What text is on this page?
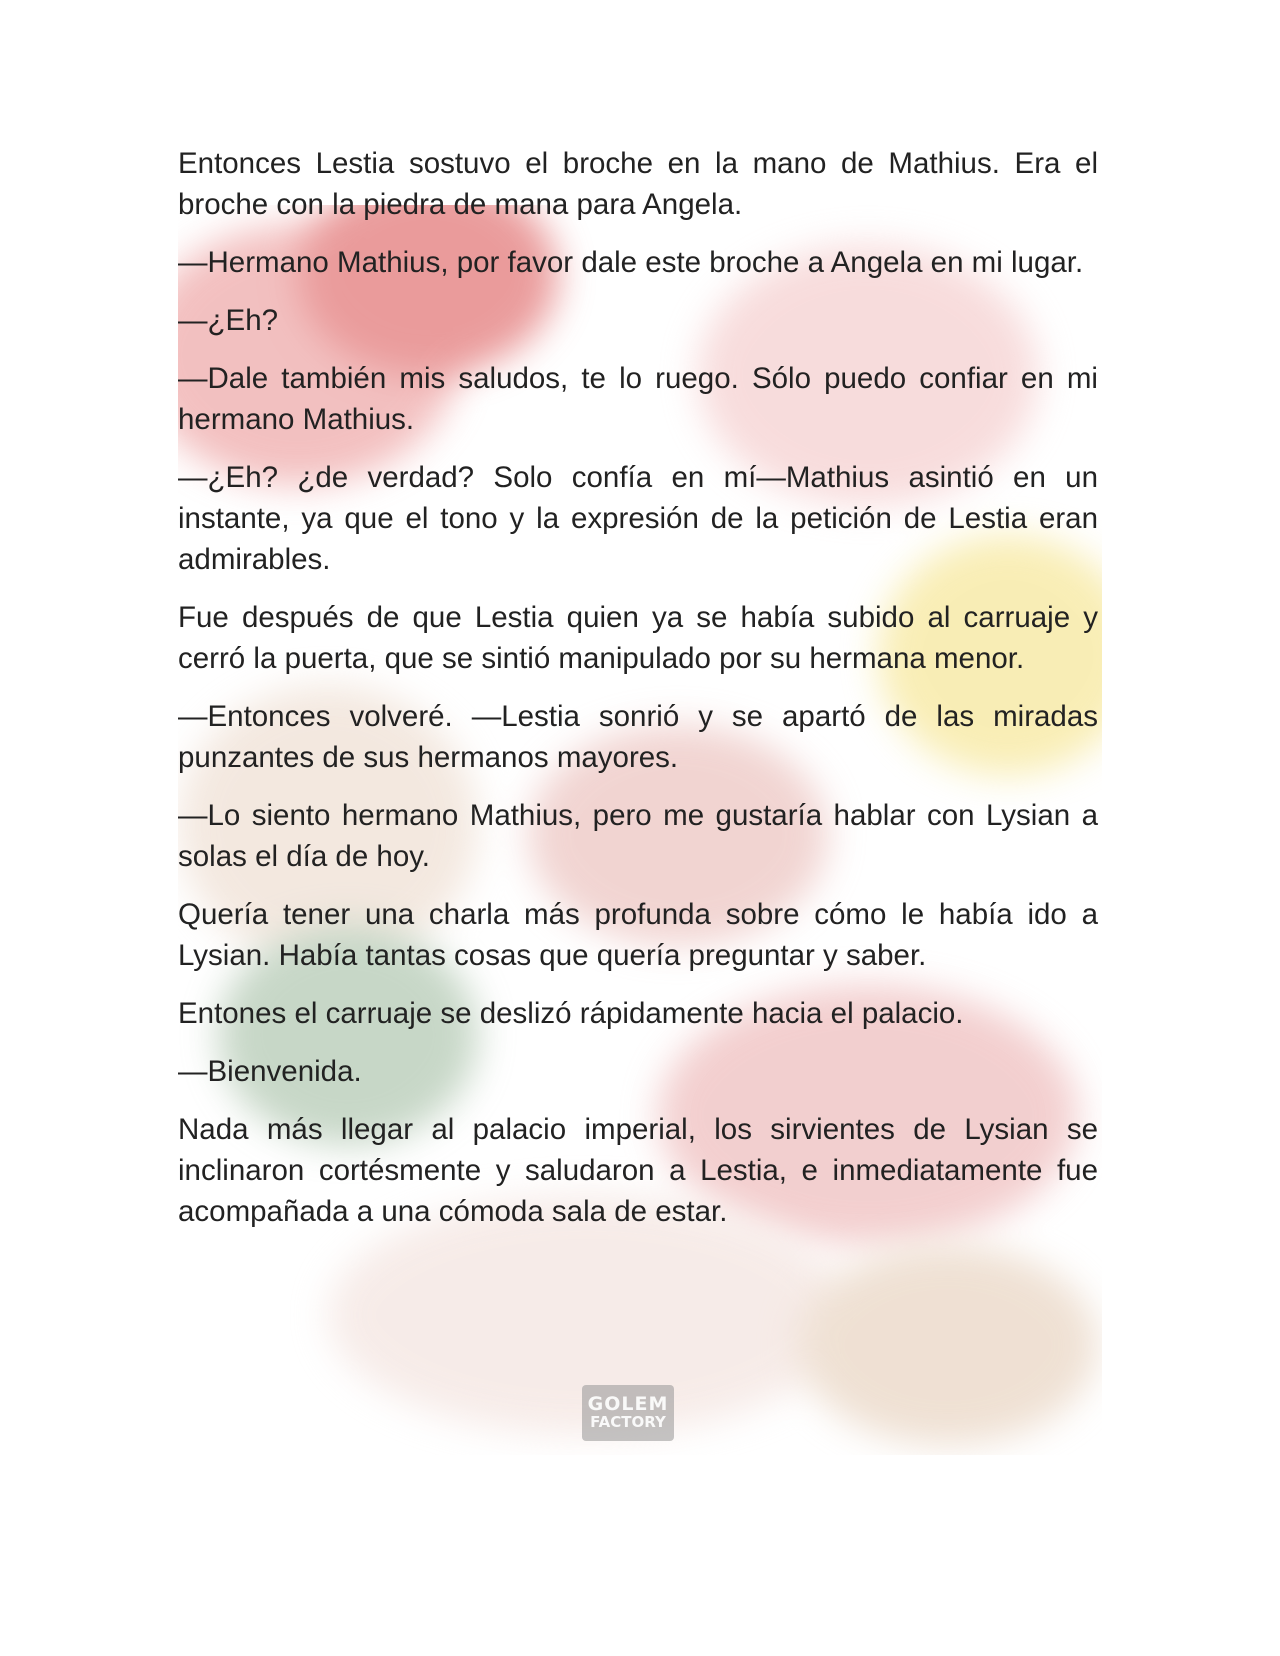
GOLEM
FACTORY

Entonces Lestia sostuvo el broche en la mano de Mathius. Era el broche con la piedra de mana para Angela.

—Hermano Mathius, por favor dale este broche a Angela en mi lugar.

—¿Eh?

—Dale también mis saludos, te lo ruego. Sólo puedo confiar en mi hermano Mathius.

—¿Eh? ¿de verdad? Solo confía en mí—Mathius asintió en un instante, ya que el tono y la expresión de la petición de Lestia eran admirables.

Fue después de que Lestia quien ya se había subido al carruaje y cerró la puerta, que se sintió manipulado por su hermana menor.

—Entonces volveré. —Lestia sonrió y se apartó de las miradas punzantes de sus hermanos mayores.

—Lo siento hermano Mathius, pero me gustaría hablar con Lysian a solas el día de hoy.

Quería tener una charla más profunda sobre cómo le había ido a Lysian. Había tantas cosas que quería preguntar y saber.

Entones el carruaje se deslizó rápidamente hacia el palacio.

—Bienvenida.

Nada más llegar al palacio imperial, los sirvientes de Lysian se inclinaron cortésmente y saludaron a Lestia, e inmediatamente fue acompañada a una cómoda sala de estar.
